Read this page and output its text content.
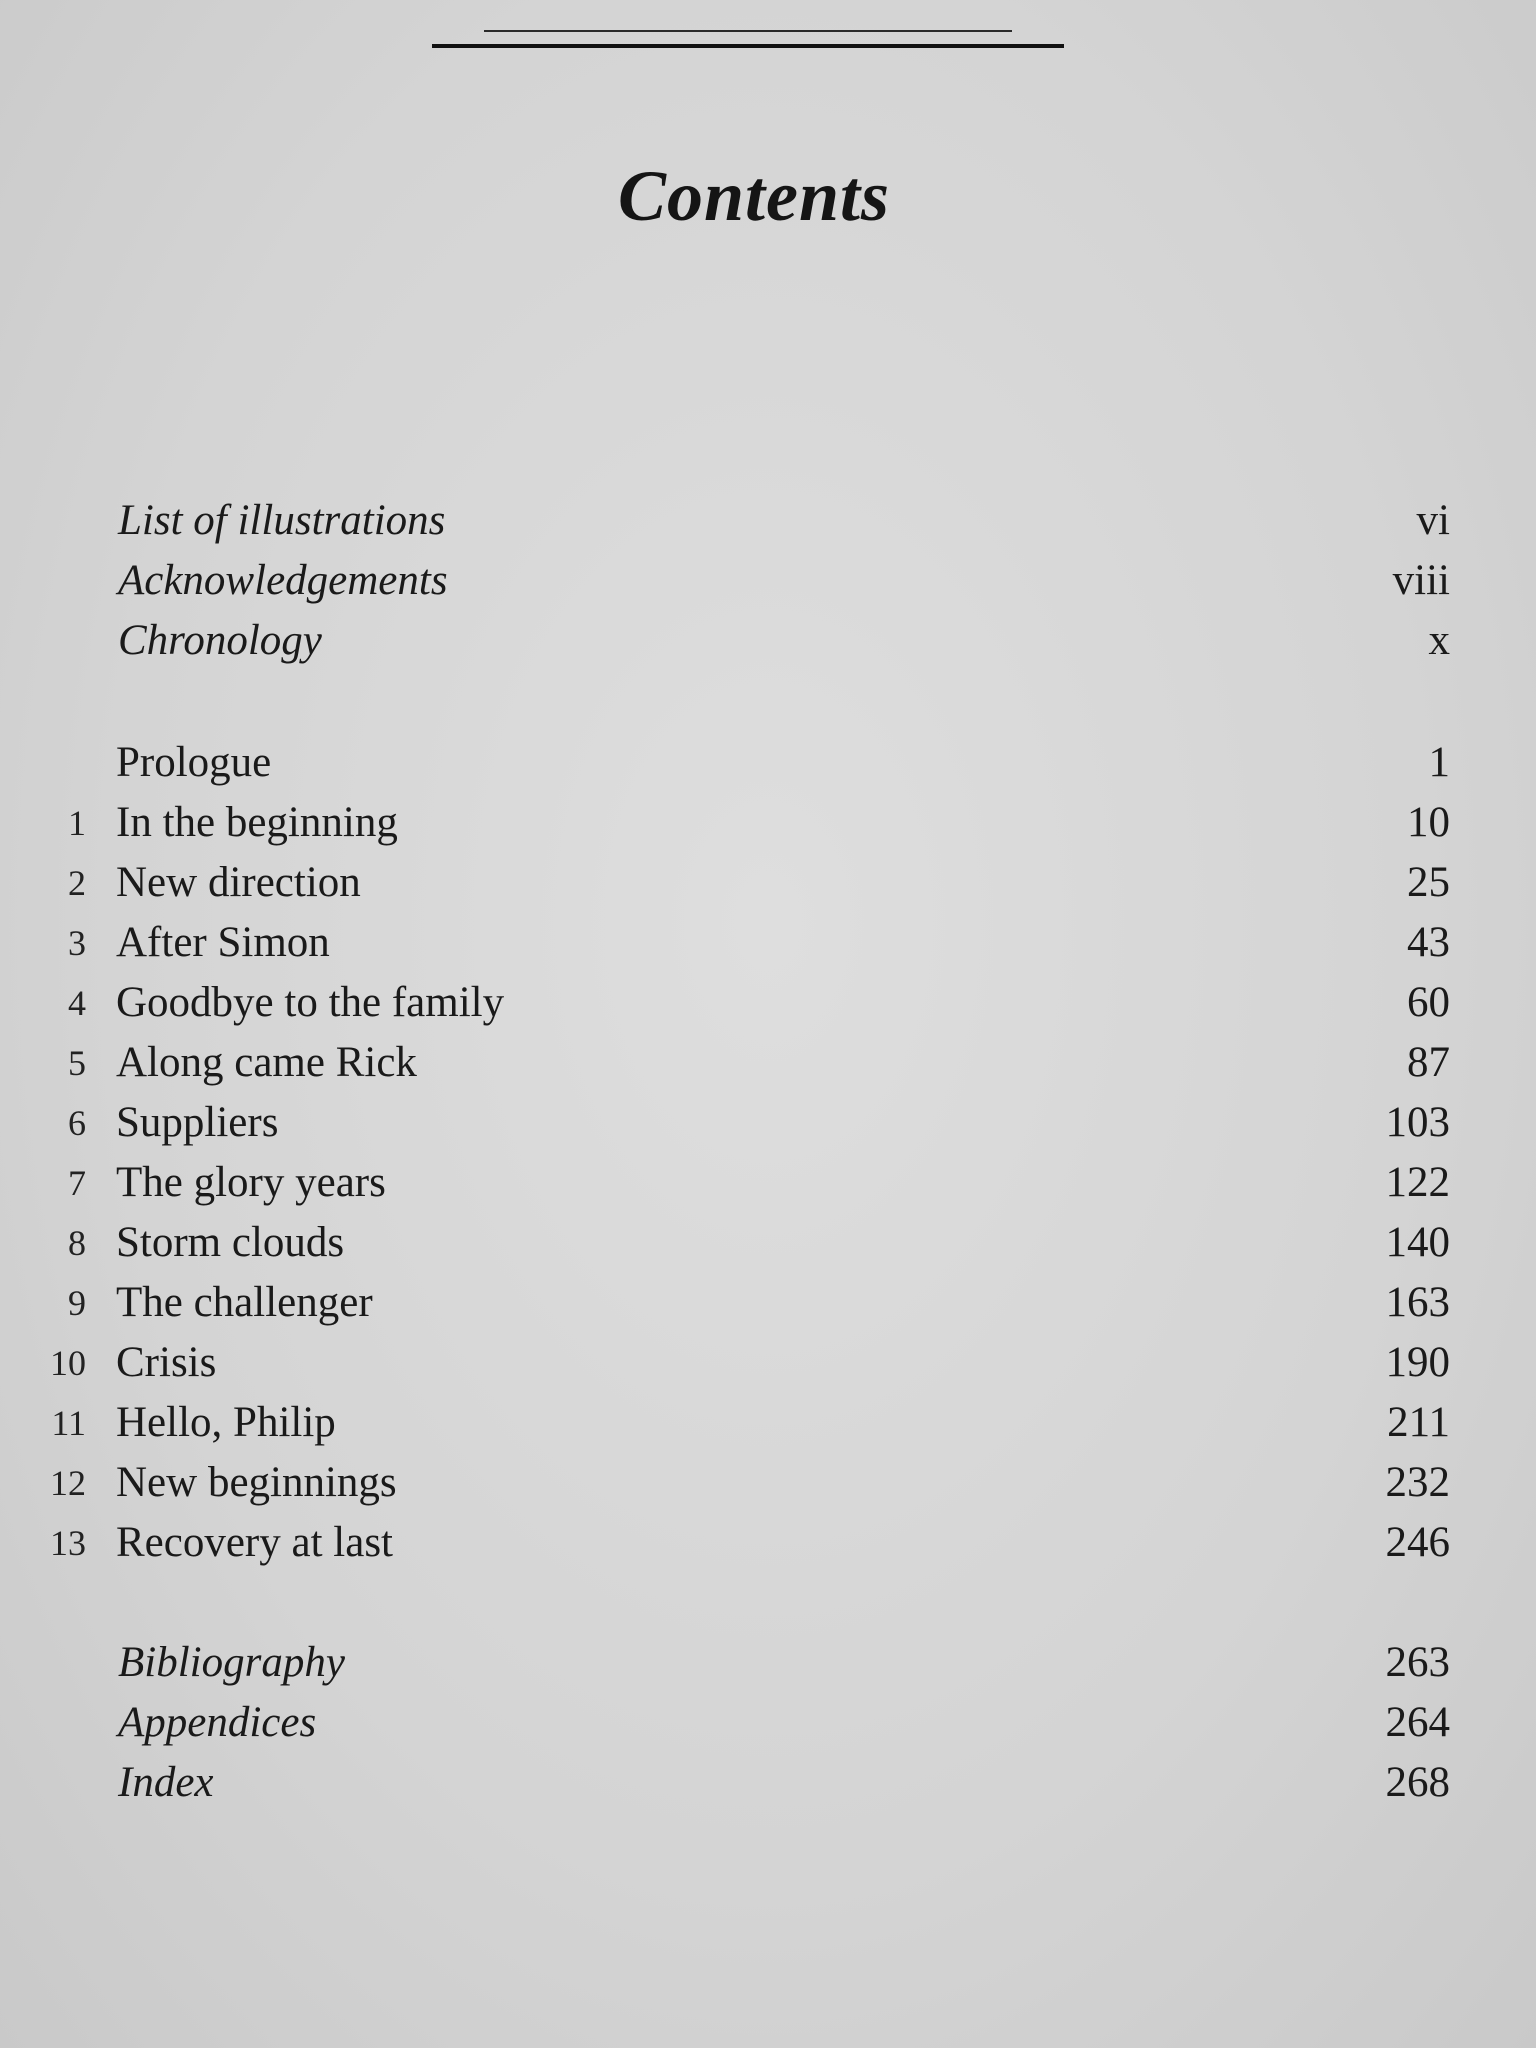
Contents
List of illustrations	vi
Acknowledgements	viii
Chronology	x
Prologue	1
1 In the beginning	10
2 New direction	25
3 After Simon	43
4 Goodbye to the family	60
5 Along came Rick	87
6 Suppliers	103
7 The glory years	122
8 Storm clouds	140
9 The challenger	163
10 Crisis	190
11 Hello, Philip	211
12 New beginnings	232
13 Recovery at last	246
Bibliography	263
Appendices	264
Index	268
